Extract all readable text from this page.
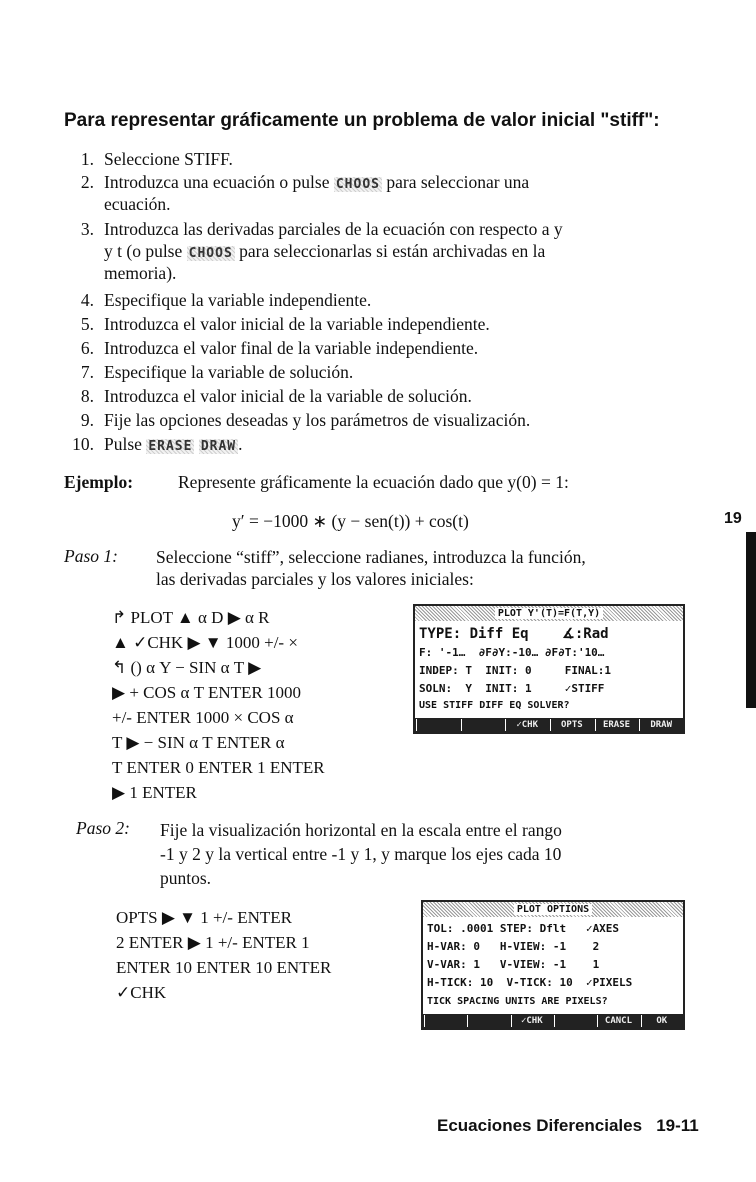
Para representar gráficamente un problema de valor inicial "stiff":
1. Seleccione STIFF.
2. Introduzca una ecuación o pulse CHOOS para seleccionar una
ecuación.
3. Introduzca las derivadas parciales de la ecuación con respecto a y
y t (o pulse CHOOS para seleccionarlas si están archivadas en la
memoria).
4. Especifique la variable independiente.
5. Introduzca el valor inicial de la variable independiente.
6. Introduzca el valor final de la variable independiente.
7. Especifique la variable de solución.
8. Introduzca el valor inicial de la variable de solución.
9. Fije las opciones deseadas y los parámetros de visualización.
10. Pulse ERASE DRAW .
Ejemplo:	Represente gráficamente la ecuación dado que y(0) = 1:
y′ = −1000 ∗ (y − sen(t)) + cos(t)
Paso 1: Seleccione “stiff”, seleccione radianes, introduzca la función,
las derivadas parciales y los valores iniciales:
↱ PLOT ▲ α D ▶ α R
▲ ✓CHK ▶ ▼ 1000 +/- ×
↰ () α Y − SIN α T ▶
▶ + COS α T ENTER 1000
+/- ENTER 1000 × COS α
T ▶ − SIN α T ENTER α
T ENTER 0 ENTER 1 ENTER
▶ 1 ENTER
PLOT Y'(T)=F(T,Y)
TYPE: Diff Eq    ∡:Rad
F: '-1…  ∂F∂Y:-10… ∂F∂T:'10…
INDEP: T  INIT: 0     FINAL:1
SOLN:  Y  INIT: 1     ✓STIFF
USE STIFF DIFF EQ SOLVER?
✓CHK	OPTS	ERASE	DRAW
Paso 2: Fije la visualización horizontal en la escala entre el rango
-1 y 2 y la vertical entre -1 y 1, y marque los ejes cada 10
puntos.
OPTS ▶ ▼ 1 +/- ENTER
2 ENTER ▶ 1 +/- ENTER 1
ENTER 10 ENTER 10 ENTER
✓CHK
PLOT OPTIONS
TOL: .0001 STEP: Dflt   ✓AXES
H-VAR: 0   H-VIEW: -1    2
V-VAR: 1   V-VIEW: -1    1
H-TICK: 10  V-TICK: 10  ✓PIXELS
TICK SPACING UNITS ARE PIXELS?
✓CHK	CANCL	OK
19
Ecuaciones Diferenciales   19-11
